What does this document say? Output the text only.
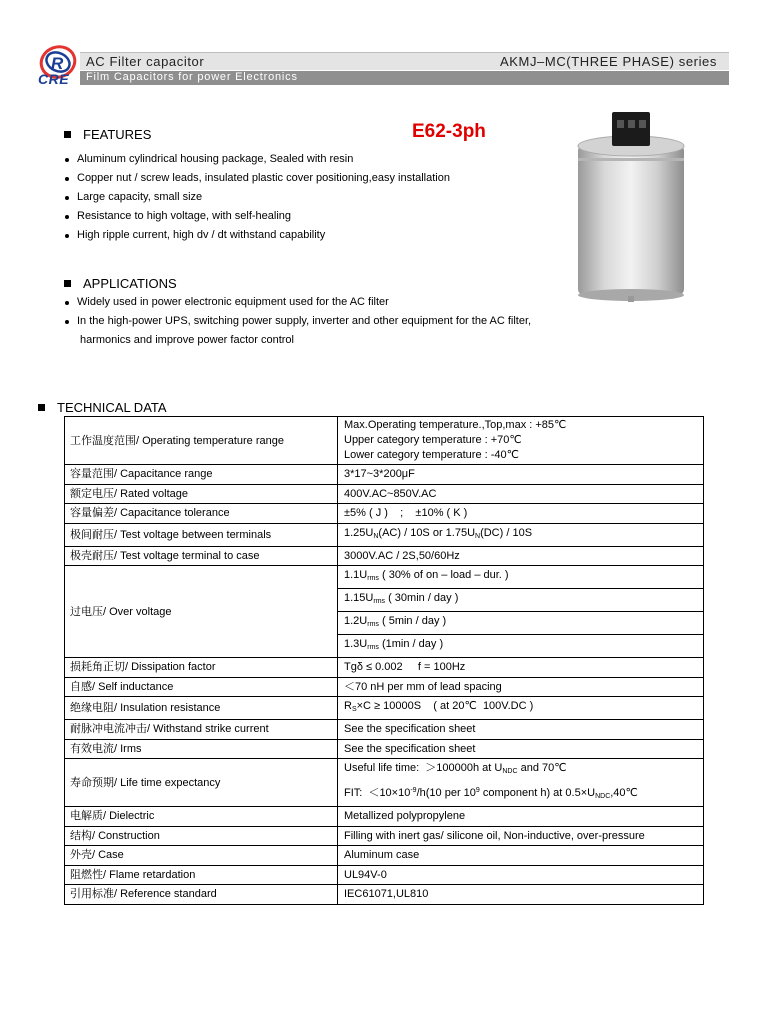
R
CRE
AC Filter capacitor	AKMJ–MC(THREE PHASE) series
Film Capacitors for power Electronics
FEATURES	E62-3ph
Aluminum cylindrical housing package, Sealed with resin
Copper nut / screw leads, insulated plastic cover positioning,easy installation
Large capacity, small size
Resistance to high voltage, with self-healing
High ripple current, high dv / dt withstand capability
APPLICATIONS
Widely used in power electronic equipment used for the AC filter
In the high-power UPS, switching power supply, inverter and other equipment for the AC filter,
harmonics and improve power factor control
TECHNICAL DATA
工作温度范围/ Operating temperature range	Max.Operating temperature.,Top,max : +85℃
Upper category temperature : +70℃
Lower category temperature : -40℃

容量范围/ Capacitance range	3*17~3*200μF
额定电压/ Rated voltage	400V.AC~850V.AC
容量偏差/ Capacitance tolerance	±5% ( J )    ;    ±10% ( K )
极间耐压/ Test voltage between terminals	$1.25U_N(AC) / 10S$ or $1.75U_N(DC) / 10S$
极壳耐压/ Test voltage terminal to case	3000V.AC / 2S,50/60Hz
过电压/ Over voltage	$1.1U_{rms}$ ( 30% of on – load – dur. )
	$1.15U_{rms}$ ( 30min / day )
	$1.2U_{rms}$ ( 5min / day )
	$1.3U_{rms}$ (1min / day )
损耗角正切/ Dissipation factor	Tgδ ≤ 0.002     f = 100Hz
自感/ Self inductance	＜70 nH per mm of lead spacing
绝缘电阻/ Insulation resistance	$R_S\times C \ge 10000S$    ( at 20℃  100V.DC )
耐脉冲电流冲击/ Withstand strike current	See the specification sheet
有效电流/ Irms	See the specification sheet
寿命预期/ Life time expectancy	Useful life time:  ＞100000h at $U_{NDC}$ and 70℃
FIT:  $<10\times 10^{-9}/h(10$ per $10^9$ component h) at $0.5\times U_{NDC},40℃$

电解质/ Dielectric	Metallized polypropylene
结构/ Construction	Filling with inert gas/ silicone oil, Non-inductive, over-pressure
外壳/ Case	Aluminum case
阻燃性/ Flame retardation	UL94V-0
引用标准/ Reference standard	IEC61071,UL810
